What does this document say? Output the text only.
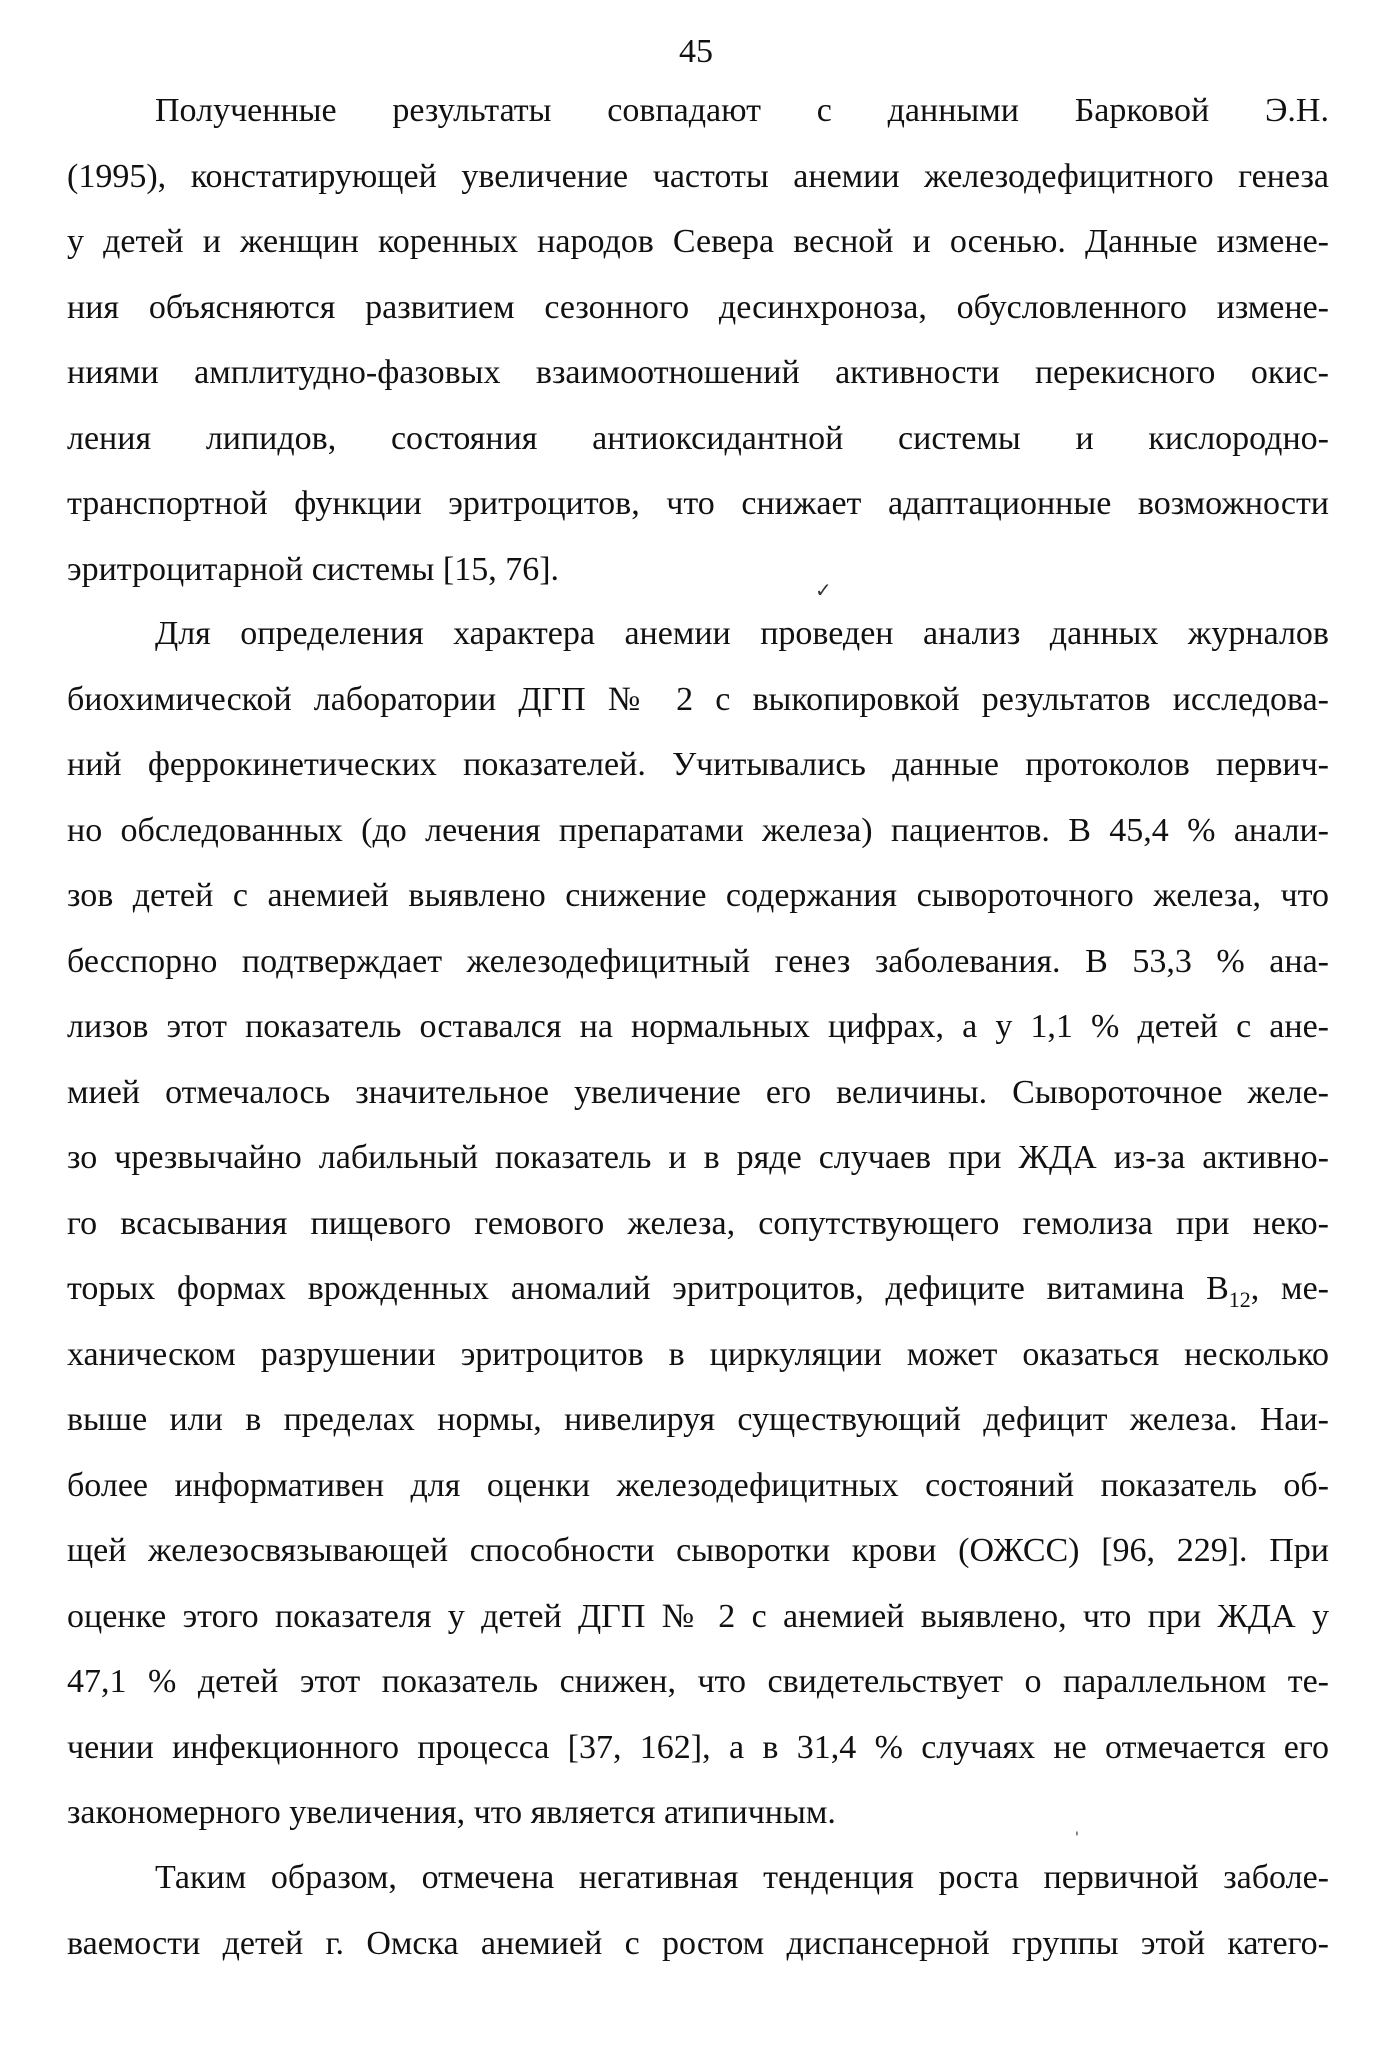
45
Полученные результаты совпадают с данными Барковой Э.Н.
(1995), констатирующей увеличение частоты анемии железодефицитного генеза
у детей и женщин коренных народов Севера весной и осенью. Данные измене-
ния объясняются развитием сезонного десинхроноза, обусловленного измене-
ниями амплитудно-фазовых взаимоотношений активности перекисного окис-
ления липидов, состояния антиоксидантной системы и кислородно-
транспортной функции эритроцитов, что снижает адаптационные возможности
эритроцитарной системы [15, 76].
Для определения характера анемии проведен анализ данных журналов
биохимической лаборатории ДГП № 2 с выкопировкой результатов исследова-
ний феррокинетических показателей. Учитывались данные протоколов первич-
но обследованных (до лечения препаратами железа) пациентов. В 45,4 % анали-
зов детей с анемией выявлено снижение содержания сывороточного железа, что
бесспорно подтверждает железодефицитный генез заболевания. В 53,3 % ана-
лизов этот показатель оставался на нормальных цифрах, а у 1,1 % детей с ане-
мией отмечалось значительное увеличение его величины. Сывороточное желе-
зо чрезвычайно лабильный показатель и в ряде случаев при ЖДА из-за активно-
го всасывания пищевого гемового железа, сопутствующего гемолиза при неко-
торых формах врожденных аномалий эритроцитов, дефиците витамина $В_{12}$, ме-
ханическом разрушении эритроцитов в циркуляции может оказаться несколько
выше или в пределах нормы, нивелируя существующий дефицит железа. Наи-
более информативен для оценки железодефицитных состояний показатель об-
щей железосвязывающей способности сыворотки крови (ОЖСС) [96, 229]. При
оценке этого показателя у детей ДГП № 2 с анемией выявлено, что при ЖДА у
47,1 % детей этот показатель снижен, что свидетельствует о параллельном те-
чении инфекционного процесса [37, 162], а в 31,4 % случаях не отмечается его
закономерного увеличения, что является атипичным.
Таким образом, отмечена негативная тенденция роста первичной заболе-
ваемости детей г. Омска анемией с ростом диспансерной группы этой катего-
✓
'
